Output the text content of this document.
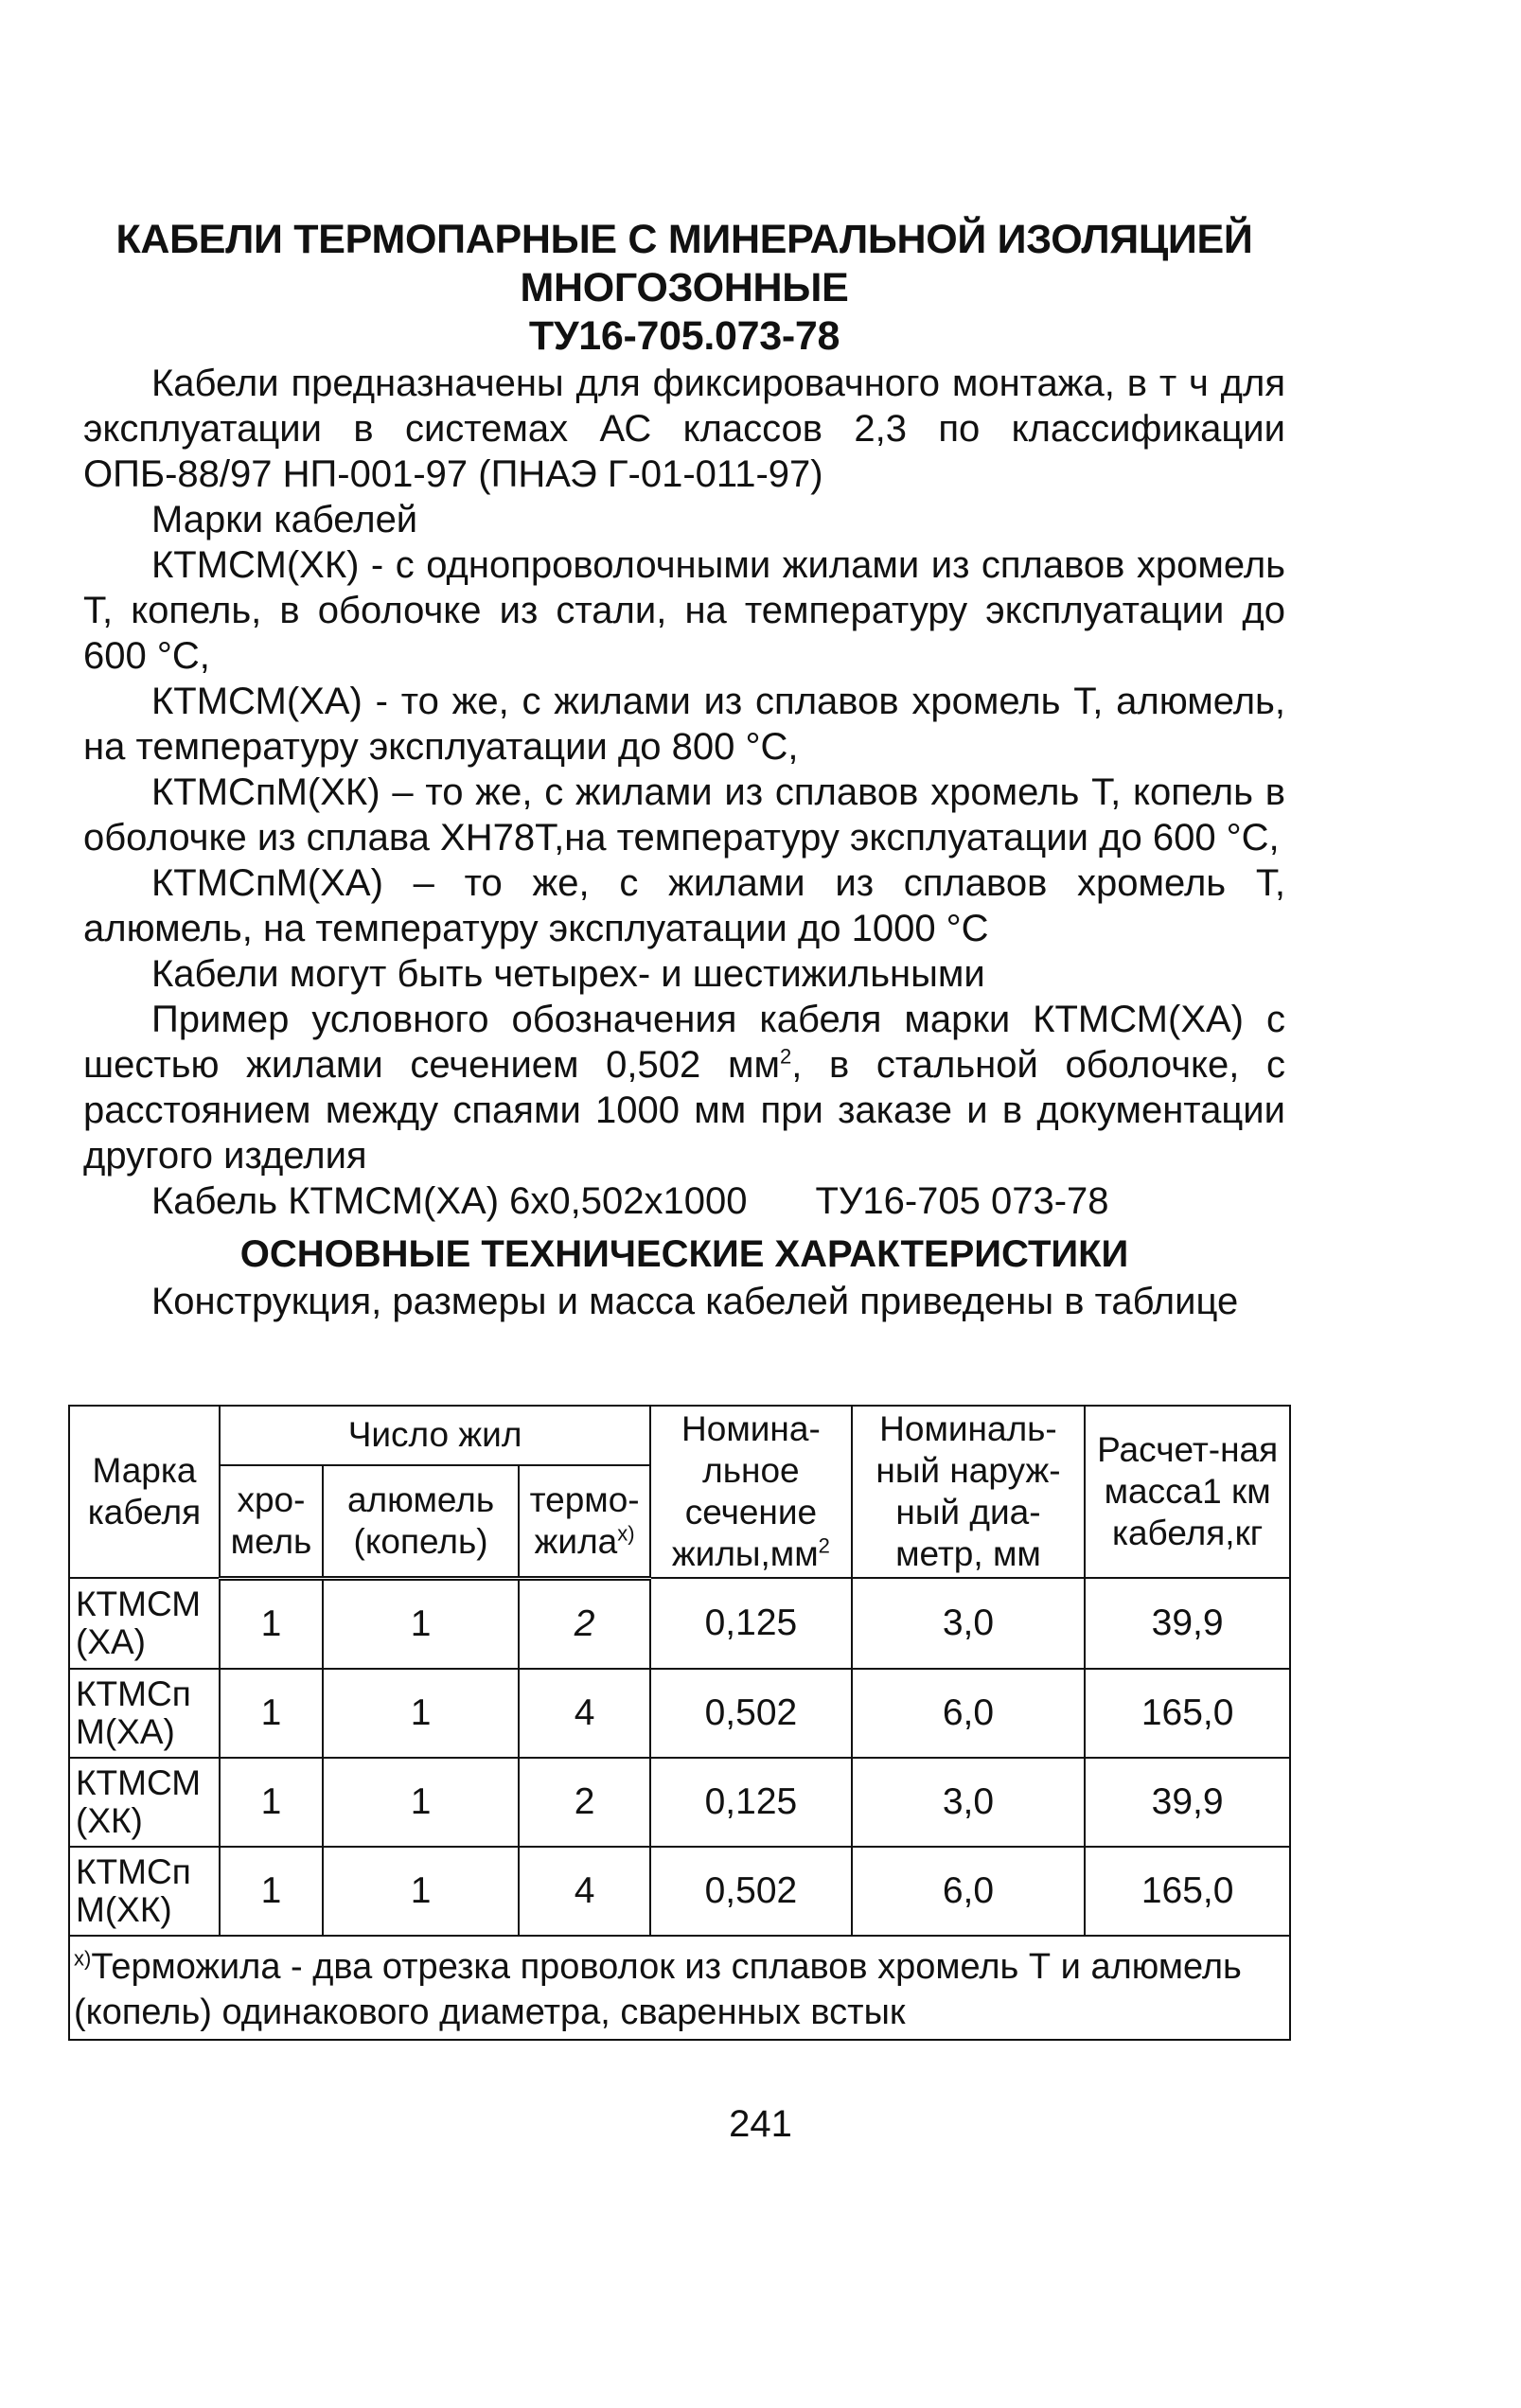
КАБЕЛИ ТЕРМОПАРНЫЕ С МИНЕРАЛЬНОЙ ИЗОЛЯЦИЕЙ
МНОГОЗОННЫЕ
ТУ16-705.073-78

Кабели предназначены для фиксировачного монтажа, в т ч для эксплуатации в системах АС классов 2,3 по классификации ОПБ-88/97 НП-001-97 (ПНАЭ Г-01-011-97)

Марки кабелей

КТМСМ(ХК) - с однопроволочными жилами из сплавов хромель Т, копель, в оболочке из стали, на температуру эксплуатации до 600 °С,

КТМСМ(ХА) - то же, с жилами из сплавов хромель Т, алюмель, на температуру эксплуатации до 800 °С,

КТМСпМ(ХК) – то же, с жилами из сплавов хромель Т, копель в оболочке из сплава ХН78Т,на температуру эксплуатации до 600 °С,

КТМСпМ(ХА) – то же, с жилами из сплавов хромель Т, алюмель, на температуру эксплуатации до 1000 °С

Кабели могут быть четырех- и шестижильными

Пример условного обозначения кабеля марки КТМСМ(ХА) с шестью жилами сечением 0,502 $мм^2$, в стальной оболочке, с расстоянием между спаями 1000 мм при заказе и в документации другого изделия

Кабель КТМСМ(ХА) 6х0,502х1000 ТУ16-705 073-78

ОСНОВНЫЕ ТЕХНИЧЕСКИЕ ХАРАКТЕРИСТИКИ

Конструкция, размеры и масса кабелей приведены в таблице

Марка кабеля	Число жил			Номина-льное сечение $жилы,мм^2$	Номиналь-ный наруж-ный диа-метр, мм	Расчет-ная масса1 км кабеля,кг
	хро-мель	алюмель (копель)	термо-жила$^{х)}$
КТМСМ (ХА)	1	1	2	0,125	3,0	39,9
КТМСп М(ХА)	1	1	4	0,502	6,0	165,0
КТМСМ (ХК)	1	1	2	0,125	3,0	39,9
КТМСп М(ХК)	1	1	4	0,502	6,0	165,0
$^{х)}$Терможила - два отрезка проволок из сплавов хромель Т и алюмель (копель) одинакового диаметра, сваренных встык						
241
